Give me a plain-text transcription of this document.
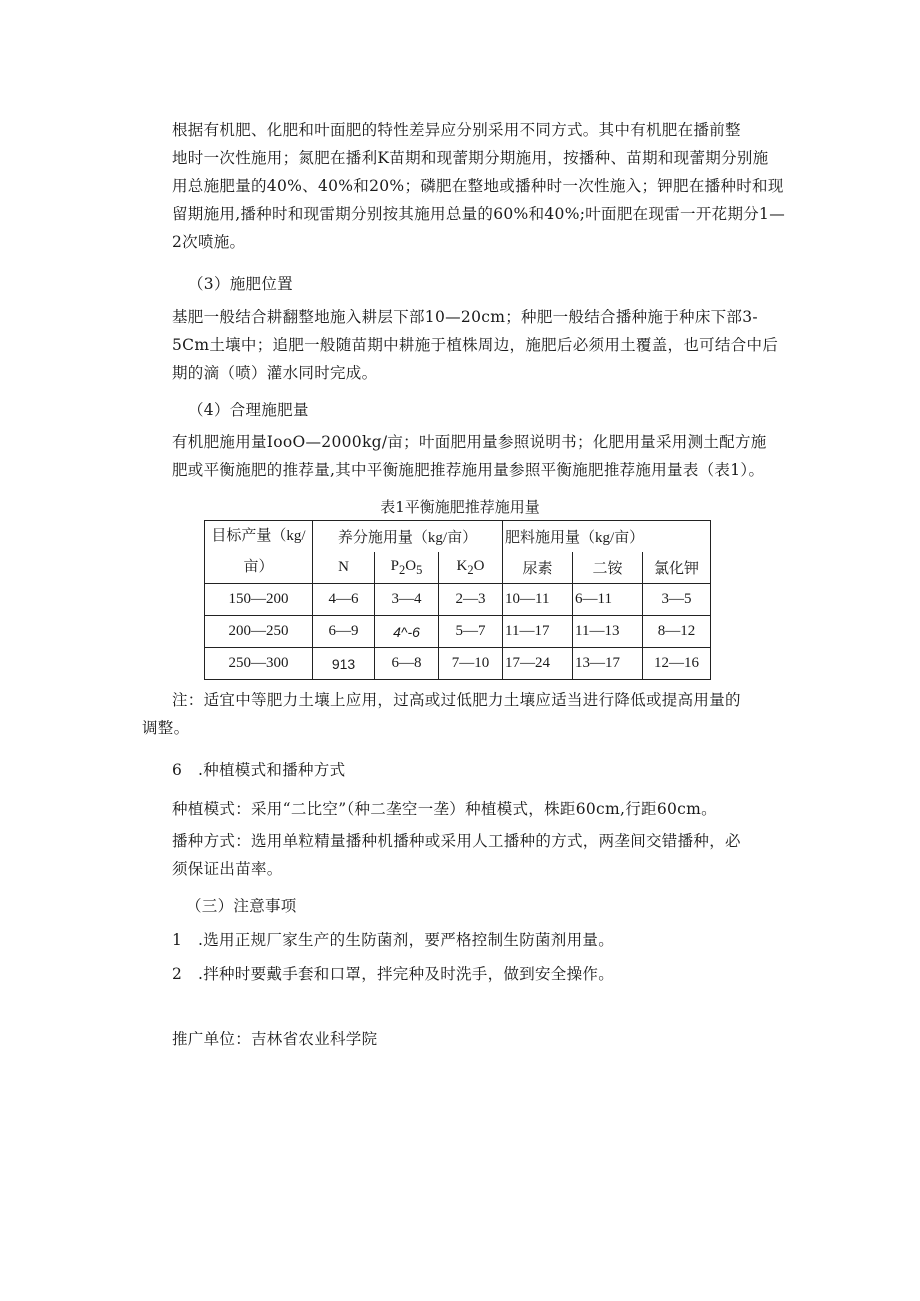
根据有机肥、化肥和叶面肥的特性差异应分别采用不同方式。其中有机肥在播前整
地时一次性施用；氮肥在播利K苗期和现蕾期分期施用，按播种、苗期和现蕾期分别施
用总施肥量的40%、40%和20%；磷肥在整地或播种时一次性施入；钾肥在播种时和现
留期施用,播种时和现雷期分别按其施用总量的60%和40%;叶面肥在现雷一开花期分1—
2次喷施。
（3）施肥位置
基肥一般结合耕翻整地施入耕层下部10—20cm；种肥一般结合播种施于种床下部3-
5Cm土壤中；追肥一般随苗期中耕施于植株周边，施肥后必须用土覆盖，也可结合中后
期的滴（喷）灌水同时完成。
（4）合理施肥量
有机肥施用量IooO—2000kg/亩；叶面肥用量参照说明书；化肥用量采用测土配方施
肥或平衡施肥的推荐量,其中平衡施肥推荐施用量参照平衡施肥推荐施用量表（表1）。
表1平衡施肥推荐施用量
目标产量（kg/
亩）	养分施用量（kg/亩）			肥料施用量（kg/亩）		
	N	$P_2O_5$	$K_2O$	尿素	二铵	氯化钾
150—200	4—6	3—4	2—3	10—11	6—11	3—5
200—250	6—9	4^-6	5—7	11—17	11—13	8—12
250—300	913	6—8	7—10	17—24	13—17	12—16
注：适宜中等肥力土壤上应用，过高或过低肥力土壤应适当进行降低或提高用量的
调整。
6　.种植模式和播种方式
种植模式：采用“二比空”（种二垄空一垄）种植模式，株距60cm,行距60cm。
播种方式：选用单粒精量播种机播种或采用人工播种的方式，两垄间交错播种，必
须保证出苗率。
（三）注意事项
1　.选用正规厂家生产的生防菌剂，要严格控制生防菌剂用量。
2　.拌种时要戴手套和口罩，拌完种及时洗手，做到安全操作。
推广单位：吉林省农业科学院
